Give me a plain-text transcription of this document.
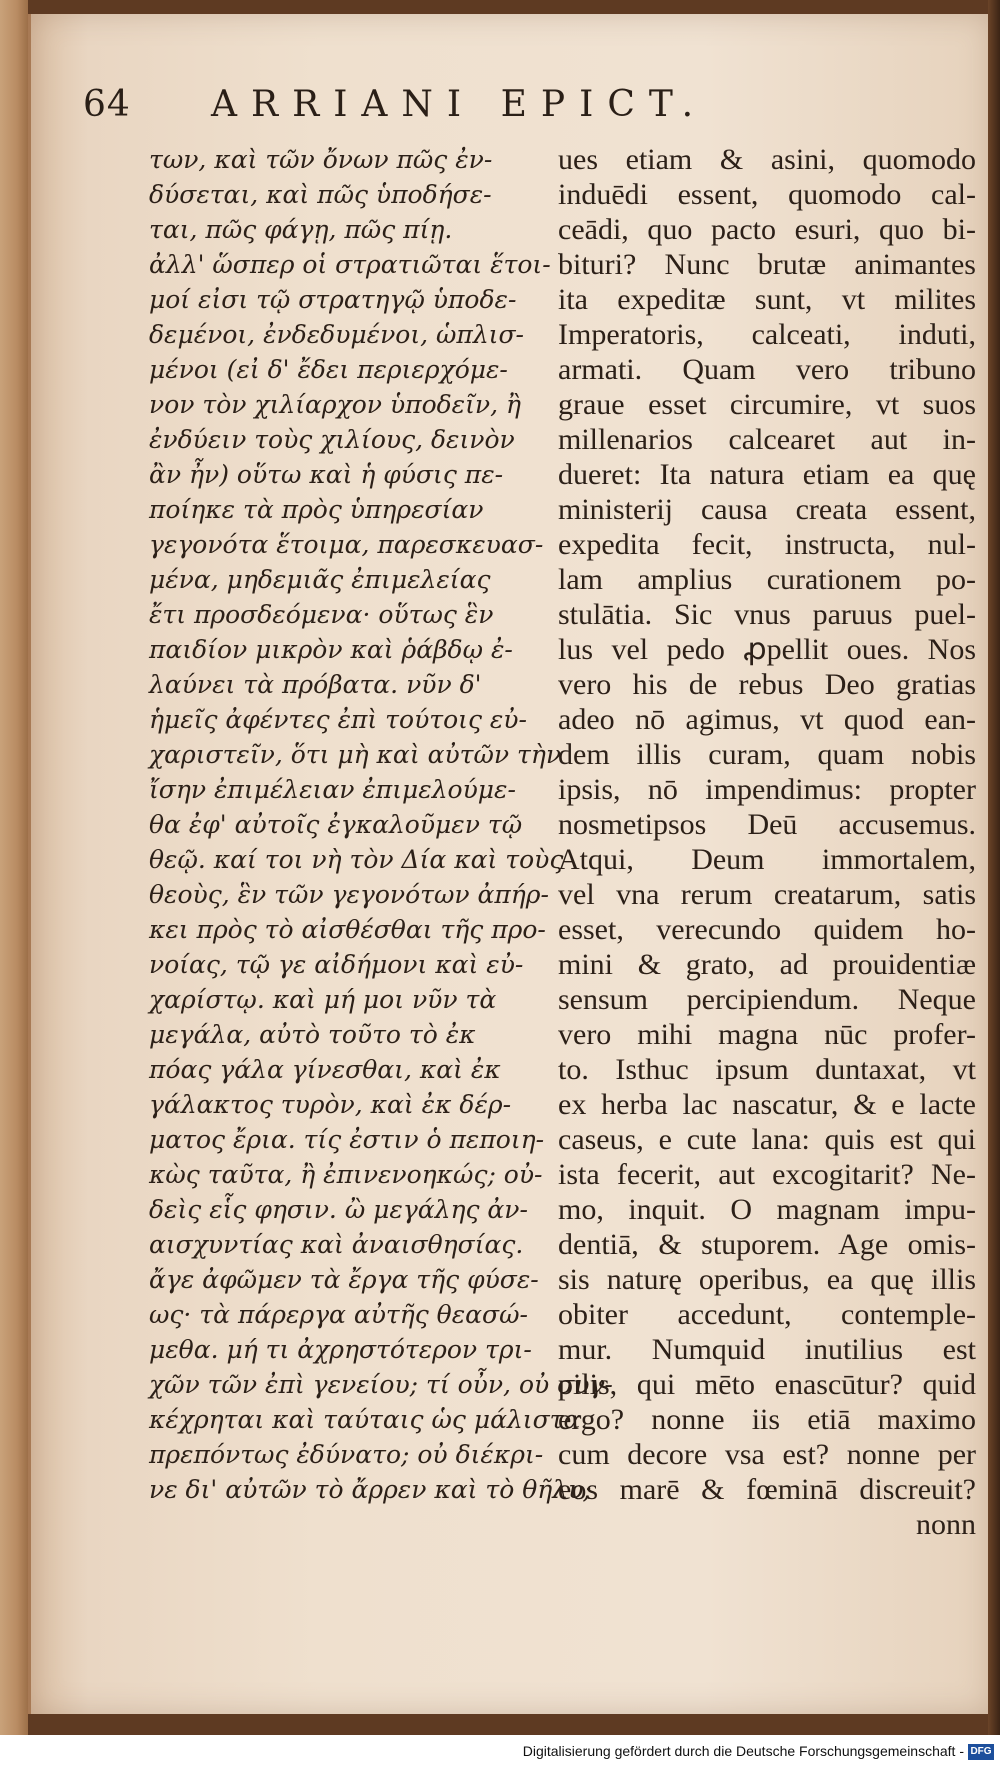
64 ARRIANI EPICT.
των, καὶ τῶν ὄνων πῶς ἐν-
δύσεται, καὶ πῶς ὑποδήσε-
ται, πῶς φάγῃ, πῶς πίῃ.
ἀλλ' ὥσπερ οἱ στρατιῶται ἕτοι-
μοί εἰσι τῷ στρατηγῷ ὑποδε-
δεμένοι, ἐνδεδυμένοι, ὡπλισ-
μένοι (εἰ δ' ἔδει περιερχόμε-
νον τὸν χιλίαρχον ὑποδεῖν, ἢ
ἐνδύειν τοὺς χιλίους, δεινὸν
ἂν ἦν) οὕτω καὶ ἡ φύσις πε-
ποίηκε τὰ πρὸς ὑπηρεσίαν
γεγονότα ἕτοιμα, παρεσκευασ-
μένα, μηδεμιᾶς ἐπιμελείας
ἔτι προσδεόμενα· οὕτως ἓν
παιδίον μικρὸν καὶ ῥάβδῳ ἐ-
λαύνει τὰ πρόβατα. νῦν δ'
ἡμεῖς ἀφέντες ἐπὶ τούτοις εὐ-
χαριστεῖν, ὅτι μὴ καὶ αὐτῶν τὴν
ἴσην ἐπιμέλειαν ἐπιμελούμε-
θα ἐφ' αὐτοῖς ἐγκαλοῦμεν τῷ
θεῷ. καί τοι νὴ τὸν Δία καὶ τοὺς
θεοὺς, ἓν τῶν γεγονότων ἀπήρ-
κει πρὸς τὸ αἰσθέσθαι τῆς προ-
νοίας, τῷ γε αἰδήμονι καὶ εὐ-
χαρίστῳ. καὶ μή μοι νῦν τὰ
μεγάλα, αὐτὸ τοῦτο τὸ ἐκ
πόας γάλα γίνεσθαι, καὶ ἐκ
γάλακτος τυρὸν, καὶ ἐκ δέρ-
ματος ἔρια. τίς ἐστιν ὁ πεποιη-
κὼς ταῦτα, ἢ ἐπινενοηκώς; οὐ-
δεὶς εἷς φησιν. ὢ μεγάλης ἀν-
αισχυντίας καὶ ἀναισθησίας.
ἄγε ἀφῶμεν τὰ ἔργα τῆς φύσε-
ως· τὰ πάρεργα αὐτῆς θεασώ-
μεθα. μή τι ἀχρηστότερον τρι-
χῶν τῶν ἐπὶ γενείου; τί οὖν, οὐ συγ-
κέχρηται καὶ ταύταις ὡς μάλιστα
πρεπόντως ἐδύνατο; οὐ διέκρι-
νε δι' αὐτῶν τὸ ἄρρεν καὶ τὸ θῆλυ;
ues etiam & asini, quomodo
induēdi essent, quomodo cal-
ceādi, quo pacto esuri, quo bi-
bituri? Nunc brutæ animantes
ita expeditæ sunt, vt milites
Imperatoris, calceati, induti,
armati. Quam vero tribuno
graue esset circumire, vt suos
millenarios calcearet aut in-
dueret: Ita natura etiam ea quę
ministerij causa creata essent,
expedita fecit, instructa, nul-
lam amplius curationem po-
stulātia. Sic vnus paruus puel-
lus vel pedo ꝓpellit oues. Nos
vero his de rebus Deo gratias
adeo nō agimus, vt quod ean-
dem illis curam, quam nobis
ipsis, nō impendimus: propter
nosmetipsos Deū accusemus.
Atqui, Deum immortalem,
vel vna rerum creatarum, satis
esset, verecundo quidem ho-
mini & grato, ad prouidentiæ
sensum percipiendum. Neque
vero mihi magna nūc profer-
to. Isthuc ipsum duntaxat, vt
ex herba lac nascatur, & e lacte
caseus, e cute lana: quis est qui
ista fecerit, aut excogitarit? Ne-
mo, inquit. O magnam impu-
dentiā, & stuporem. Age omis-
sis naturę operibus, ea quę illis
obiter accedunt, contemple-
mur. Numquid inutilius est
pilis, qui mēto enascūtur? quid
ergo? nonne iis etiā maximo
cum decore vsa est? nonne per
eos marē & fœminā discreuit?
nonn
Digitalisierung gefördert durch die Deutsche Forschungsgemeinschaft - DFG
